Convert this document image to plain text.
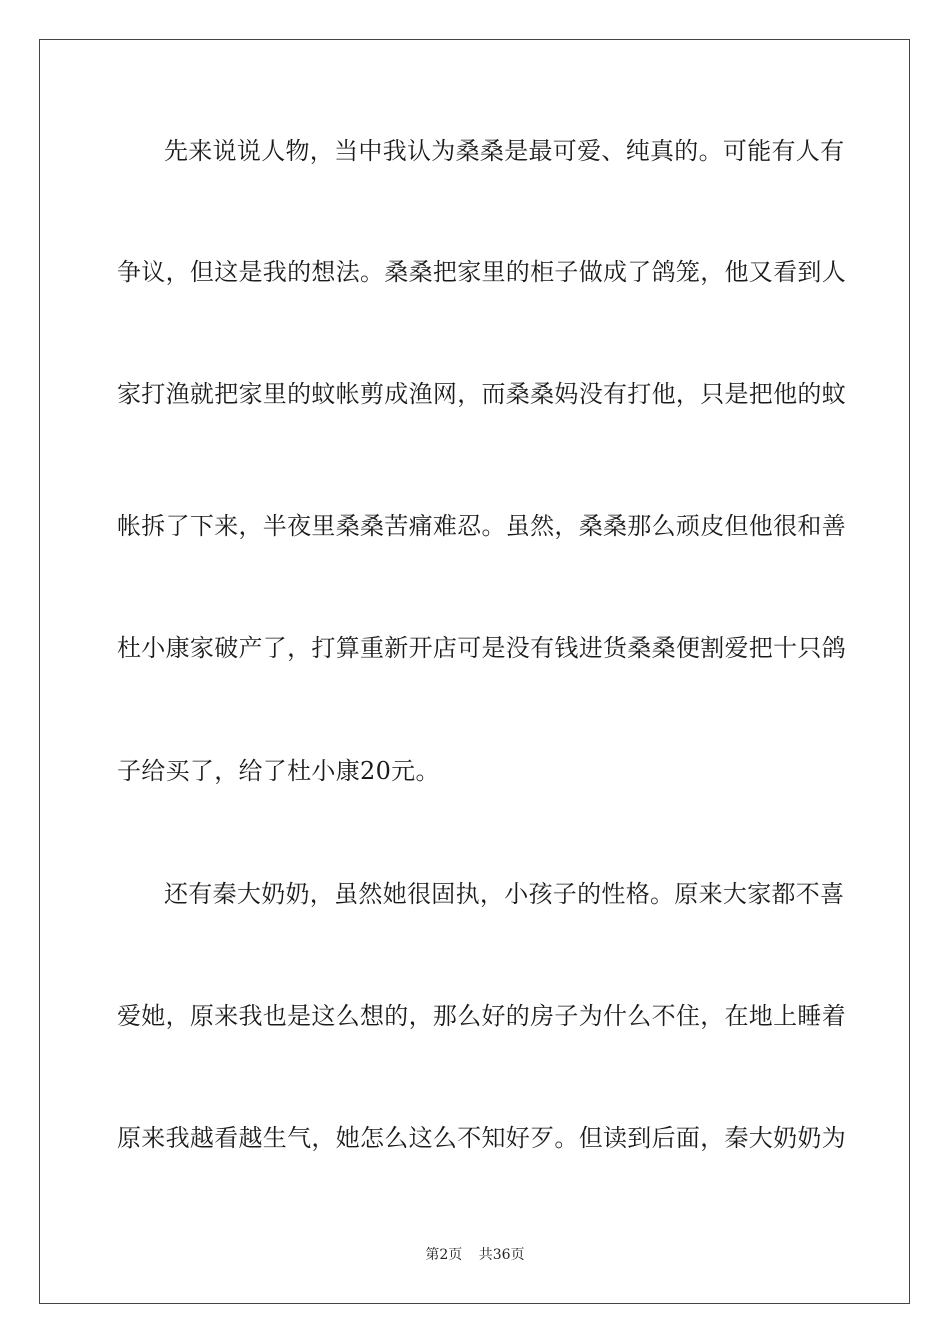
先来说说人物，当中我认为桑桑是最可爱、纯真的。可能有人有
争议，但这是我的想法。桑桑把家里的柜子做成了鸽笼，他又看到人
家打渔就把家里的蚊帐剪成渔网，而桑桑妈没有打他，只是把他的蚊
帐拆了下来，半夜里桑桑苦痛难忍。虽然，桑桑那么顽皮但他很和善
杜小康家破产了，打算重新开店可是没有钱进货桑桑便割爱把十只鸽
子给买了，给了杜小康20元。
还有秦大奶奶，虽然她很固执，小孩子的性格。原来大家都不喜
爱她，原来我也是这么想的，那么好的房子为什么不住，在地上睡着
原来我越看越生气，她怎么这么不知好歹。但读到后面，秦大奶奶为
第2页 共36页
